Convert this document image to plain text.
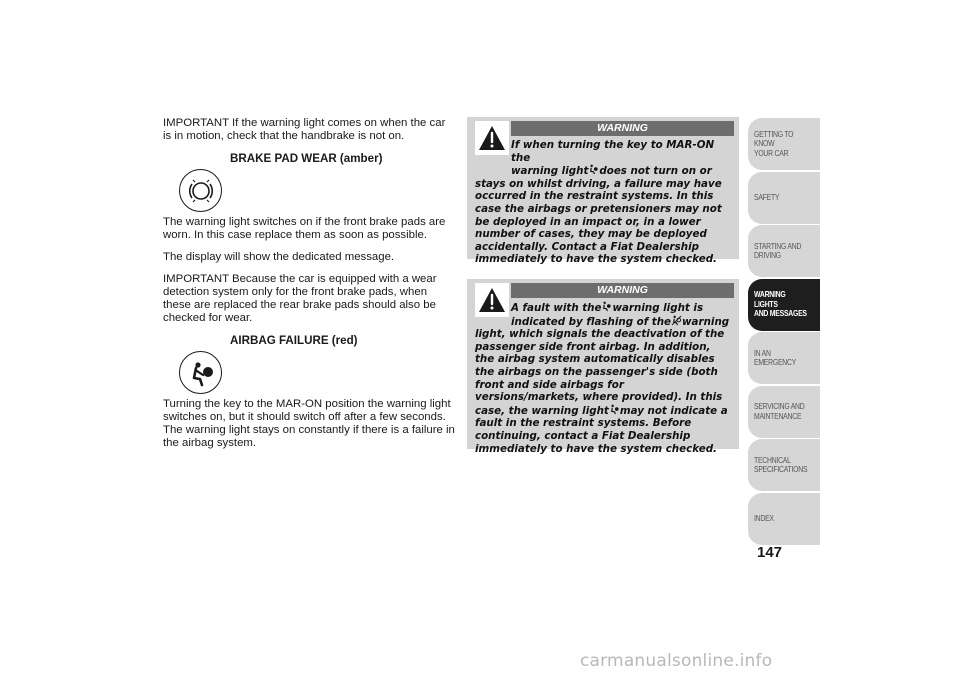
IMPORTANT If the warning light comes on when the car is in motion, check that the handbrake is not on.

BRAKE PAD WEAR (amber)

The warning light switches on if the front brake pads are worn. In this case replace them as soon as possible.

The display will show the dedicated message.

IMPORTANT Because the car is equipped with a wear detection system only for the front brake pads, when these are replaced the rear brake pads should also be checked for wear.

AIRBAG FAILURE (red)

Turning the key to the MAR-ON position the warning light switches on, but it should switch off after a few seconds. The warning light stays on constantly if there is a failure in the airbag system.

WARNING
If when turning the key to MAR-ON the
warning light does not turn on or
stays on whilst driving, a failure may have occurred in the restraint systems. In this case the airbags or pretensioners may not be deployed in an impact or, in a lower number of cases, they may be deployed accidentally. Contact a Fiat Dealership immediately to have the system checked.
WARNING
A fault with the warning light is
indicated by flashing of the warning
light, which signals the deactivation of the passenger side front airbag. In addition, the airbag system automatically disables the airbags on the passenger's side (both front and side airbags for versions/markets, where provided). In this case, the warning light may not indicate a fault in the restraint systems. Before continuing, contact a Fiat Dealership immediately to have the system checked.
GETTING TO KNOW
YOUR CAR
SAFETY
STARTING AND
DRIVING
WARNING LIGHTS
AND MESSAGES
IN AN EMERGENCY
SERVICING AND
MAINTENANCE
TECHNICAL
SPECIFICATIONS
INDEX
147
carmanualsonline.info
